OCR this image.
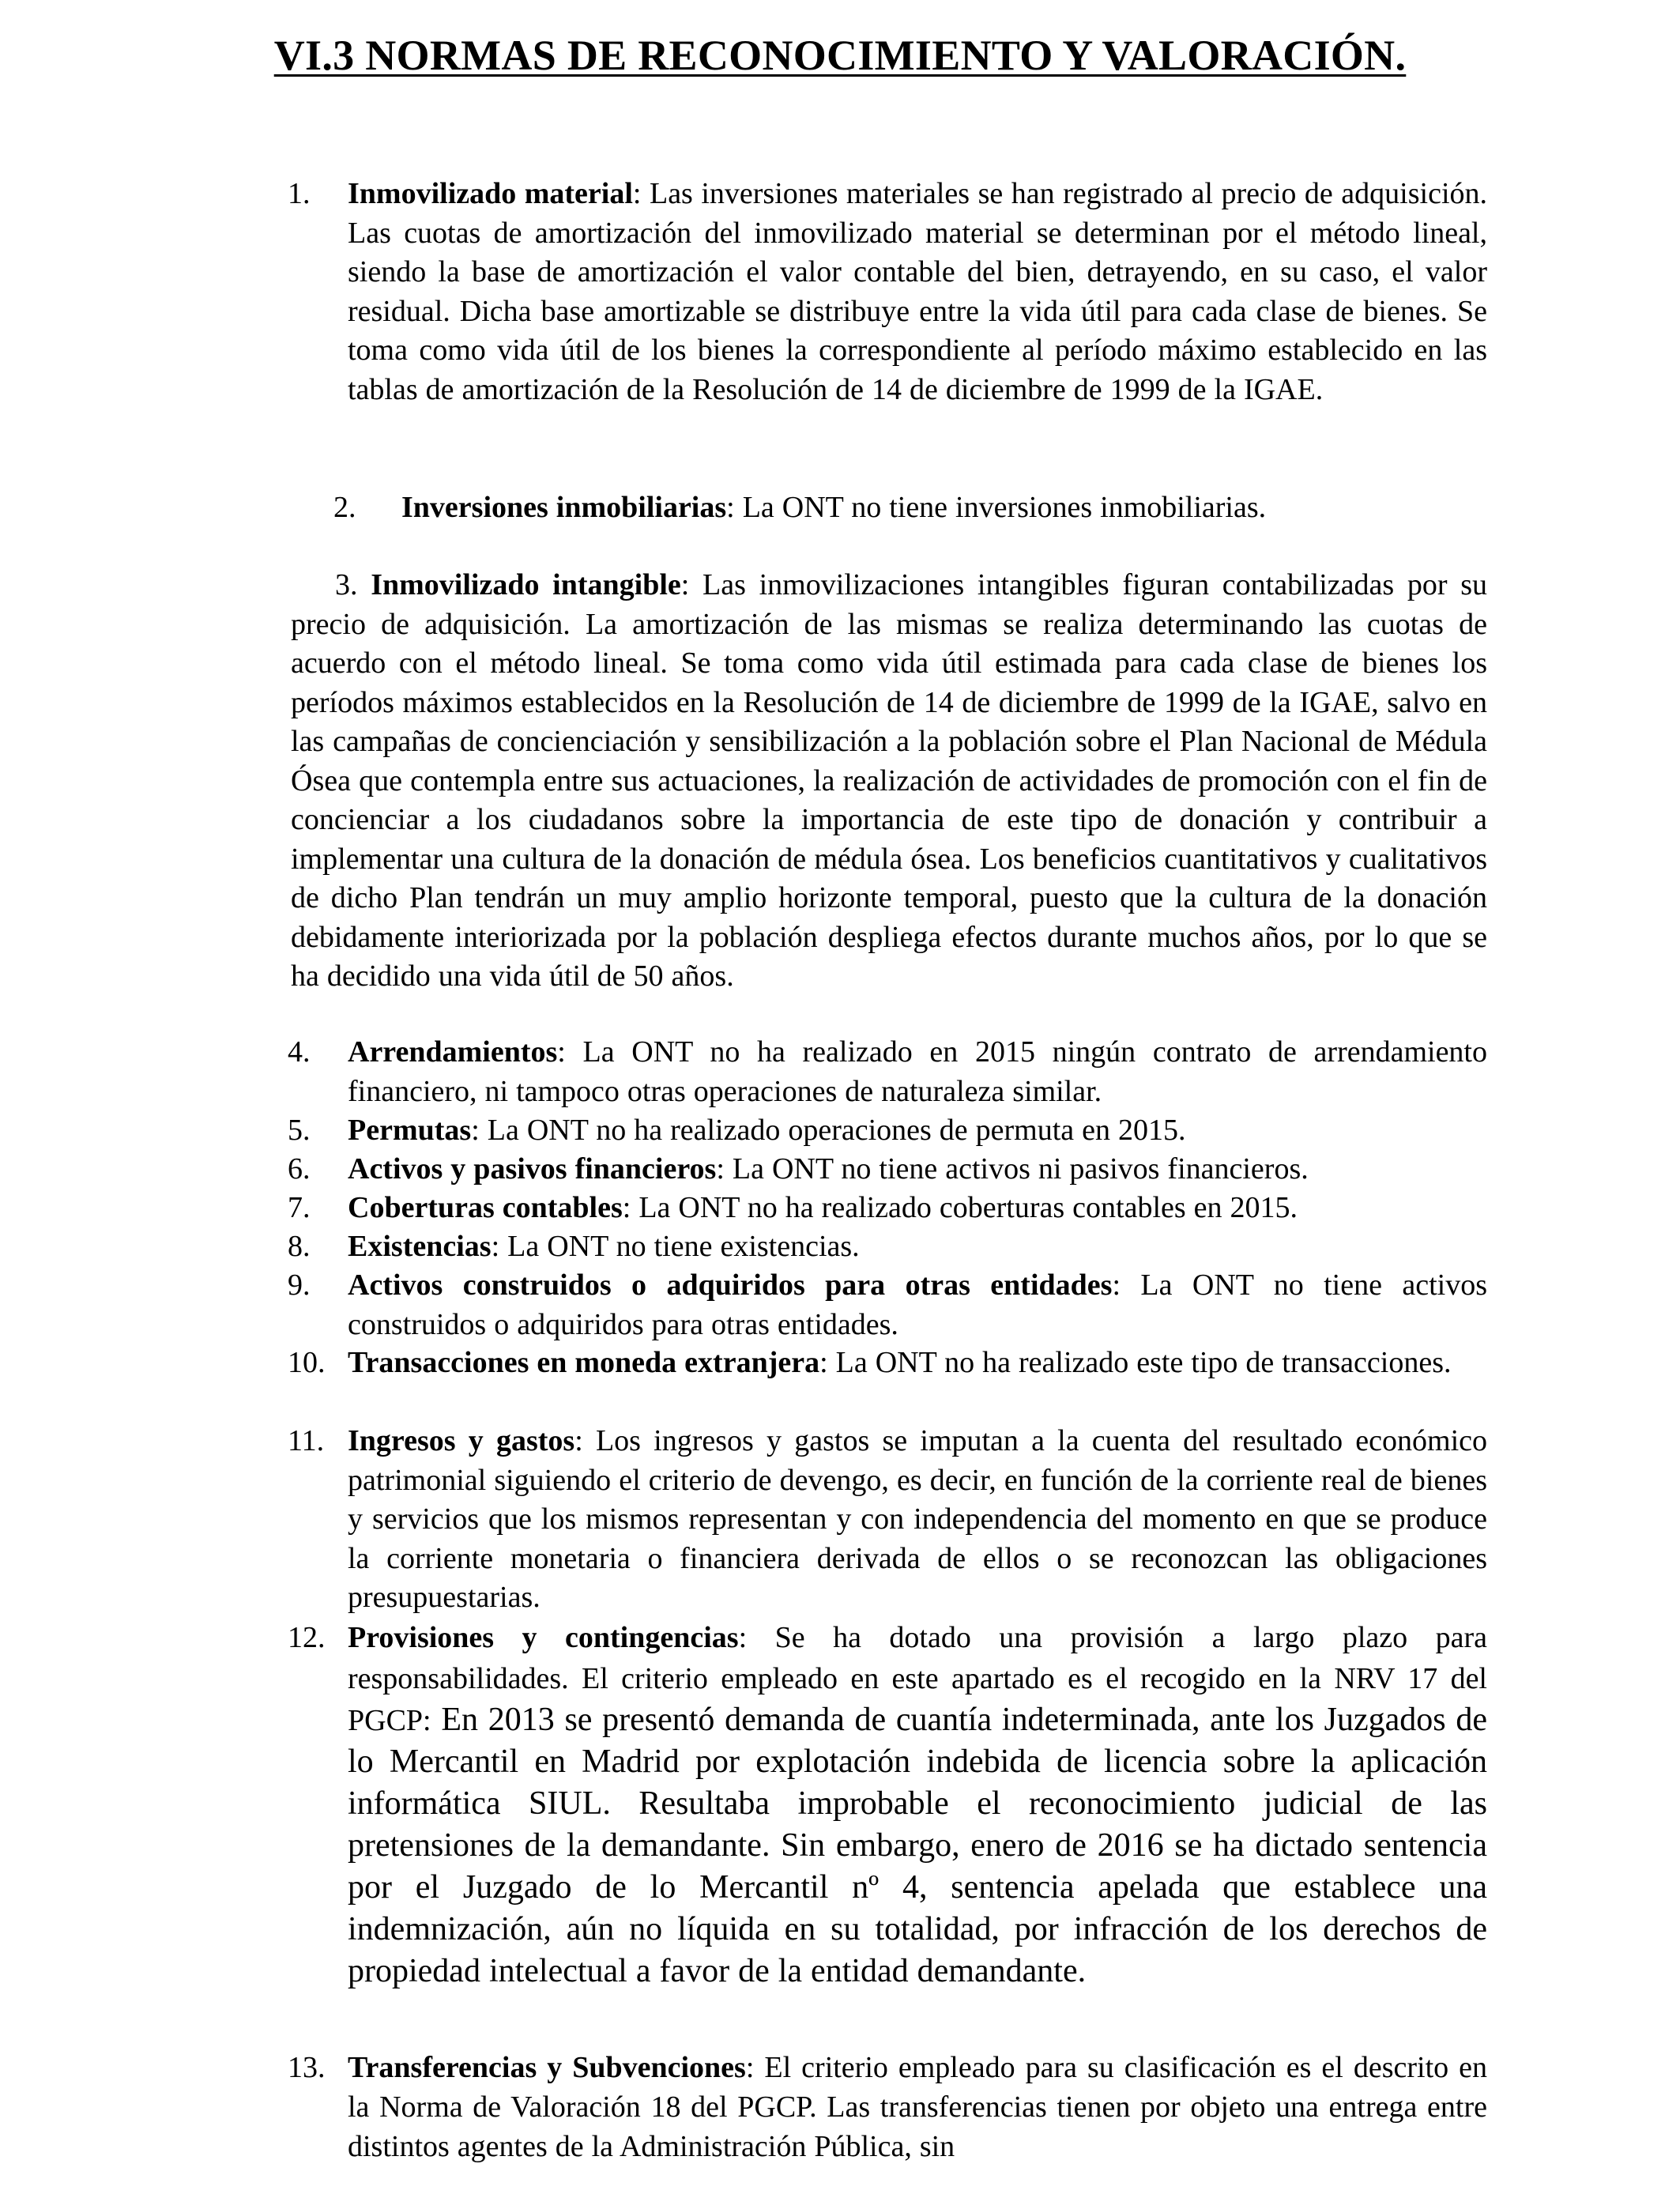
VI.3 NORMAS DE RECONOCIMIENTO Y VALORACIÓN.
1. Inmovilizado material: Las inversiones materiales se han registrado al precio de adquisición. Las cuotas de amortización del inmovilizado material se determinan por el método lineal, siendo la base de amortización el valor contable del bien, detrayendo, en su caso, el valor residual. Dicha base amortizable se distribuye entre la vida útil para cada clase de bienes. Se toma como vida útil de los bienes la correspondiente al período máximo establecido en las tablas de amortización de la Resolución de 14 de diciembre de 1999 de la IGAE.
2. Inversiones inmobiliarias: La ONT no tiene inversiones inmobiliarias.
3. Inmovilizado intangible: Las inmovilizaciones intangibles figuran contabilizadas por su precio de adquisición. La amortización de las mismas se realiza determinando las cuotas de acuerdo con el método lineal. Se toma como vida útil estimada para cada clase de bienes los períodos máximos establecidos en la Resolución de 14 de diciembre de 1999 de la IGAE, salvo en las campañas de concienciación y sensibilización a la población sobre el Plan Nacional de Médula Ósea que contempla entre sus actuaciones, la realización de actividades de promoción con el fin de concienciar a los ciudadanos sobre la importancia de este tipo de donación y contribuir a implementar una cultura de la donación de médula ósea. Los beneficios cuantitativos y cualitativos de dicho Plan tendrán un muy amplio horizonte temporal, puesto que la cultura de la donación debidamente interiorizada por la población despliega efectos durante muchos años, por lo que se ha decidido una vida útil de 50 años.
4. Arrendamientos: La ONT no ha realizado en 2015 ningún contrato de arrendamiento financiero, ni tampoco otras operaciones de naturaleza similar.
5. Permutas: La ONT no ha realizado operaciones de permuta en 2015.
6. Activos y pasivos financieros: La ONT no tiene activos ni pasivos financieros.
7. Coberturas contables: La ONT no ha realizado coberturas contables en 2015.
8. Existencias: La ONT no tiene existencias.
9. Activos construidos o adquiridos para otras entidades: La ONT no tiene activos construidos o adquiridos para otras entidades.
10. Transacciones en moneda extranjera: La ONT no ha realizado este tipo de transacciones.
11. Ingresos y gastos: Los ingresos y gastos se imputan a la cuenta del resultado económico patrimonial siguiendo el criterio de devengo, es decir, en función de la corriente real de bienes y servicios que los mismos representan y con independencia del momento en que se produce la corriente monetaria o financiera derivada de ellos o se reconozcan las obligaciones presupuestarias.
12. Provisiones y contingencias: Se ha dotado una provisión a largo plazo para responsabilidades. El criterio empleado en este apartado es el recogido en la NRV 17 del PGCP: En 2013 se presentó demanda de cuantía indeterminada, ante los Juzgados de lo Mercantil en Madrid por explotación indebida de licencia sobre la aplicación informática SIUL. Resultaba improbable el reconocimiento judicial de las pretensiones de la demandante. Sin embargo, enero de 2016 se ha dictado sentencia por el Juzgado de lo Mercantil nº 4, sentencia apelada que establece una indemnización, aún no líquida en su totalidad, por infracción de los derechos de propiedad intelectual a favor de la entidad demandante.
13. Transferencias y Subvenciones: El criterio empleado para su clasificación es el descrito en la Norma de Valoración 18 del PGCP. Las transferencias tienen por objeto una entrega entre distintos agentes de la Administración Pública, sin
